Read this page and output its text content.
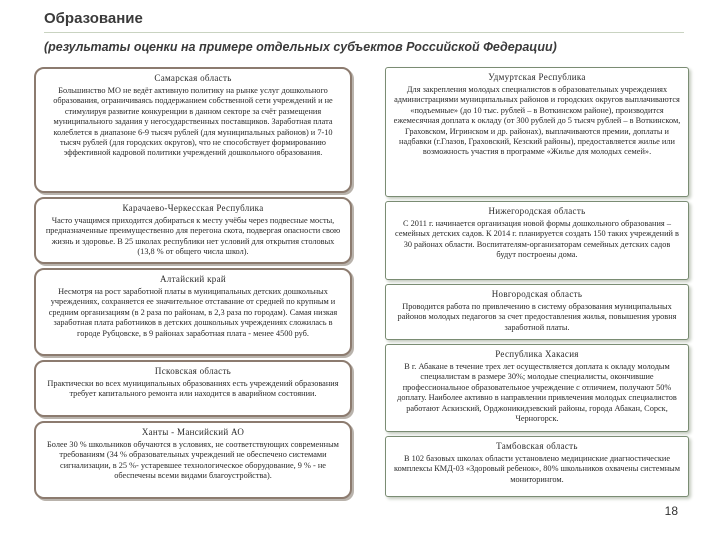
Образование
(результаты оценки на примере отдельных субъектов Российской Федерации)
Самарская область

Большинство МО не ведёт активную политику на рынке услуг дошкольного образования, ограничиваясь поддержанием собственной сети учреждений и не стимулируя развитие конкуренции в данном секторе за счёт размещения муниципального задания у негосударственных поставщиков. Заработная плата колеблется в диапазоне 6-9 тысяч рублей (для муниципальных районов) и 7-10 тысяч рублей (для городских округов), что не способствует формированию эффективной кадровой политики учреждений дошкольного образования.

Карачаево-Черкесская Республика

Часто учащимся приходится добираться к месту учёбы через подвесные мосты, предназначенные преимущественно для перегона скота, подвергая опасности свою жизнь и здоровье. В 25 школах республики нет условий для открытия столовых (13,8 % от общего числа школ).

Алтайский край

Несмотря на рост заработной платы в муниципальных детских дошкольных учреждениях, сохраняется ее значительное отставание от средней по крупным и средним организациям (в 2 раза по районам, в 2,3 раза по городам). Самая низкая заработная плата работников в детских дошкольных учреждениях сложилась в городе Рубцовске, в 9 районах заработная плата - менее 4500 руб.

Псковская область

Практически во всех муниципальных образованиях есть учреждений образования требует капитального ремонта или находится в аварийном состоянии.

Ханты - Мансийский АО

Более 30 % школьников обучаются в условиях, не соответствующих современным требованиям (34 % образовательных учреждений не обеспечено системами сигнализации, в 25 %- устаревшее технологическое оборудование, 9 % - не обеспечены всеми видами благоустройства).

Удмуртская Республика

Для закрепления молодых специалистов в образовательных учреждениях администрациями муниципальных районов и городских округов выплачиваются «подъемные» (до 10 тыс. рублей – в Воткинском районе), производится ежемесячная доплата к окладу (от 300 рублей до 5 тысяч рублей – в Воткинском, Граховском, Игринском и др. районах), выплачиваются премии, доплаты и надбавки (г.Глазов, Граховский, Кезский районы), предоставляется жилье или возможность участия в программе «Жилье для молодых семей».

Нижегородская область

С 2011 г. начинается организация новой формы дошкольного образования – семейных детских садов. К 2014 г. планируется создать 150 таких учреждений в 30 районах области. Воспитателям-организаторам семейных детских садов будут построены дома.

Новгородская область

Проводится работа по привлечению в систему образования муниципальных районов молодых педагогов за счет предоставления жилья, повышения уровня заработной платы.

Республика Хакасия

В г. Абакане в течение трех лет осуществляется доплата к окладу молодым специалистам в размере 30%; молодые специалисты, окончившие профессиональное образовательное учреждение с отличием, получают 50% доплату. Наиболее активно в направлении привлечения молодых специалистов работают Аскизский, Орджоникидзевский районы, города Абакан, Сорск, Черногорск.

Тамбовская область

В 102 базовых школах области установлено медицинские диагностические комплексы КМД-03 «Здоровый ребенок», 80% школьников охвачены системным мониторингом.

18
